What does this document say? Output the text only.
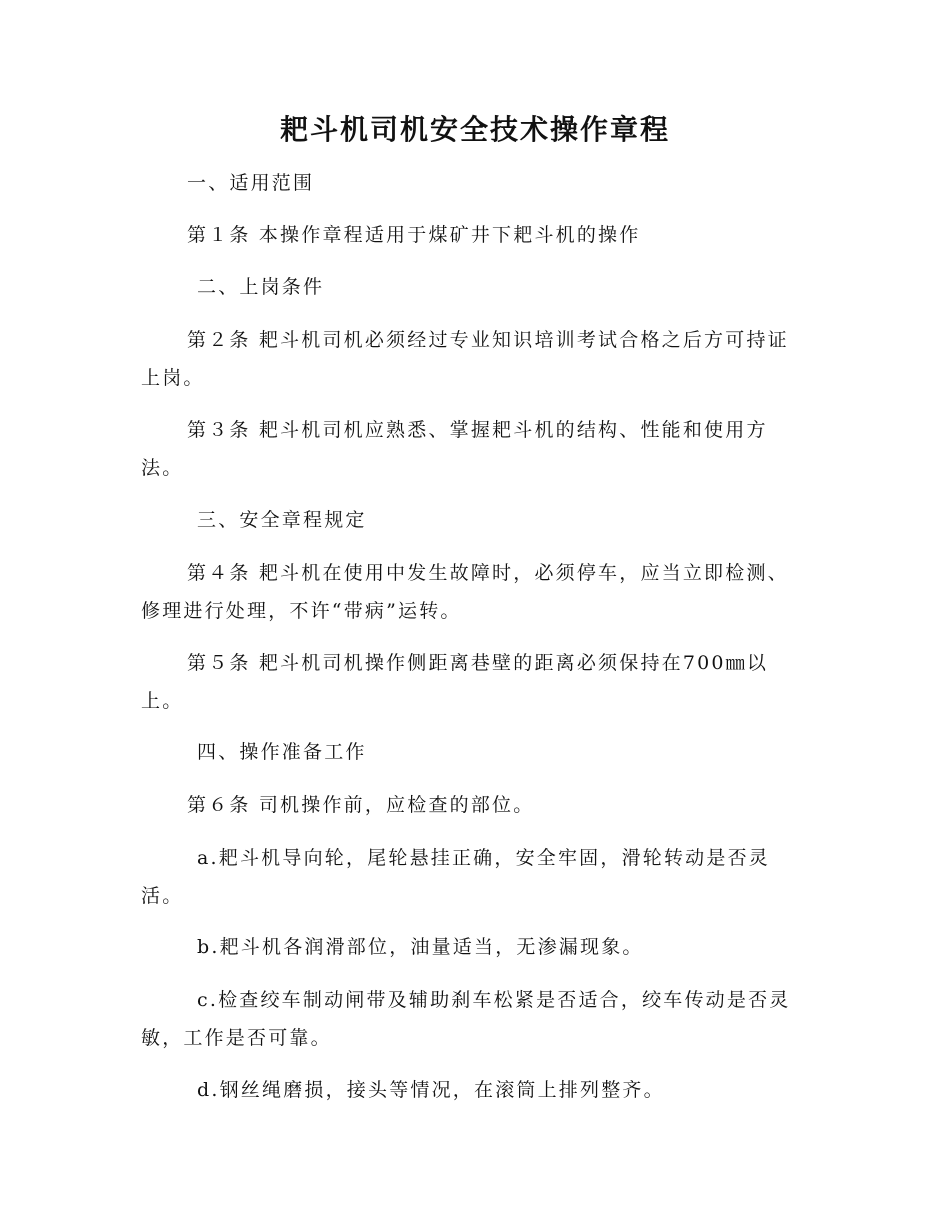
耙斗机司机安全技术操作章程

一、适用范围

第１条 本操作章程适用于煤矿井下耙斗机的操作

二、上岗条件

第２条 耙斗机司机必须经过专业知识培训考试合格之后方可持证上岗。

第３条 耙斗机司机应熟悉、掌握耙斗机的结构、性能和使用方法。

三、安全章程规定

第４条 耙斗机在使用中发生故障时，必须停车，应当立即检测、修理进行处理，不许“带病”运转。

第５条 耙斗机司机操作侧距离巷壁的距离必须保持在700㎜以上。

四、操作准备工作

第６条 司机操作前，应检查的部位。

a.耙斗机导向轮，尾轮悬挂正确，安全牢固，滑轮转动是否灵活。

b.耙斗机各润滑部位，油量适当，无渗漏现象。

c.检查绞车制动闸带及辅助刹车松紧是否适合，绞车传动是否灵敏，工作是否可靠。

d.钢丝绳磨损，接头等情况，在滚筒上排列整齐。
